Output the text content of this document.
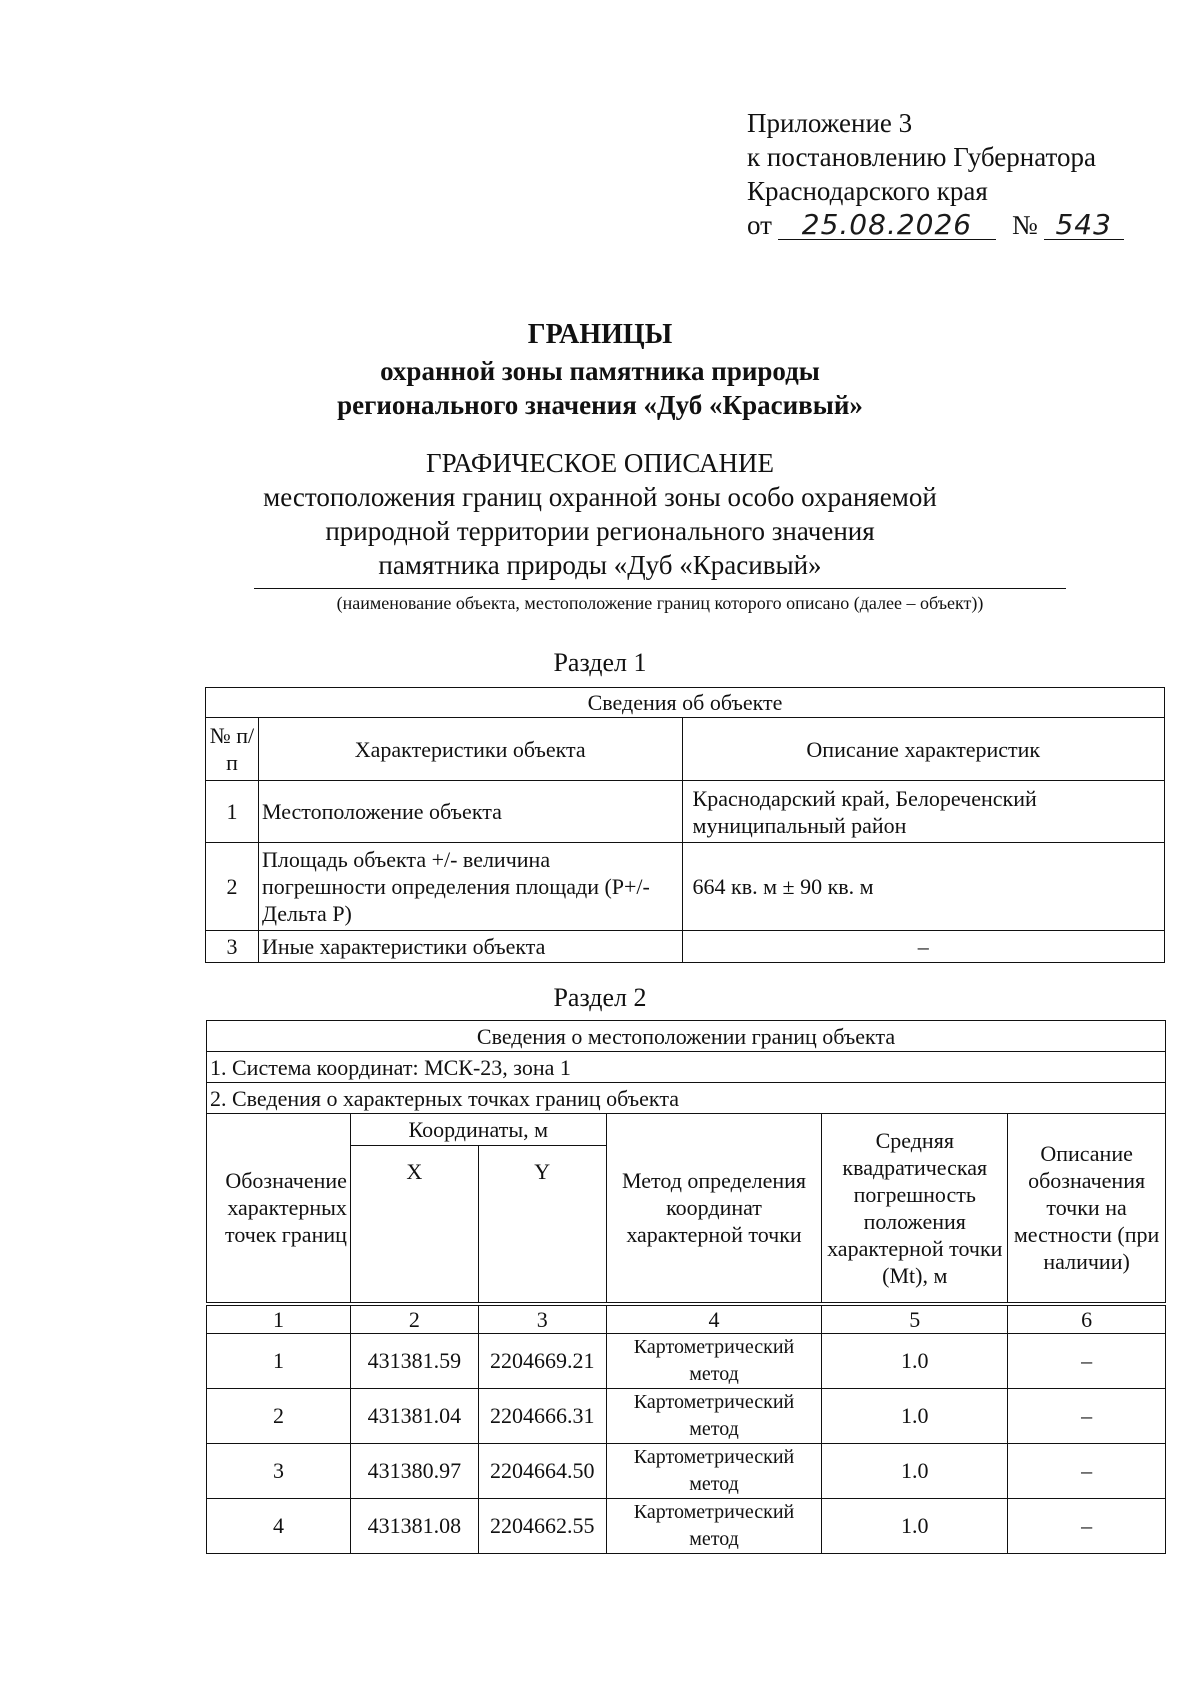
Приложение 3
к постановлению Губернатора
Краснодарского края
от 25.08.2026 № 543
ГРАНИЦЫ
охранной зоны памятника природы
регионального значения «Дуб «Красивый»
ГРАФИЧЕСКОЕ ОПИСАНИЕ
местоположения границ охранной зоны особо охраняемой
природной территории регионального значения
памятника природы «Дуб «Красивый»
(наименование объекта, местоположение границ которого описано (далее – объект))
Раздел 1
Сведения об объекте		
№ п/п	Характеристики объекта	Описание характеристик
1	Местоположение объекта	Краснодарский край, Белореченский муниципальный район
2	Площадь объекта +/- величина погрешности определения площади (P+/- Дельта P)	664 кв. м ± 90 кв. м
3	Иные характеристики объекта	–
Раздел 2
Сведения о местоположении границ объекта					
1. Система координат: МСК-23, зона 1					
2. Сведения о характерных точках границ объекта					
Обозначение характерных точек границ	Координаты, м		Метод определения координат характерной точки	Средняя квадратическая погрешность положения характерной точки (Mt), м	Описание обозначения точки на местности (при наличии)
	X	Y			
1	2	3	4	5	6
1	431381.59	2204669.21	Картометрический метод	1.0	–
2	431381.04	2204666.31	Картометрический метод	1.0	–
3	431380.97	2204664.50	Картометрический метод	1.0	–
4	431381.08	2204662.55	Картометрический метод	1.0	–
